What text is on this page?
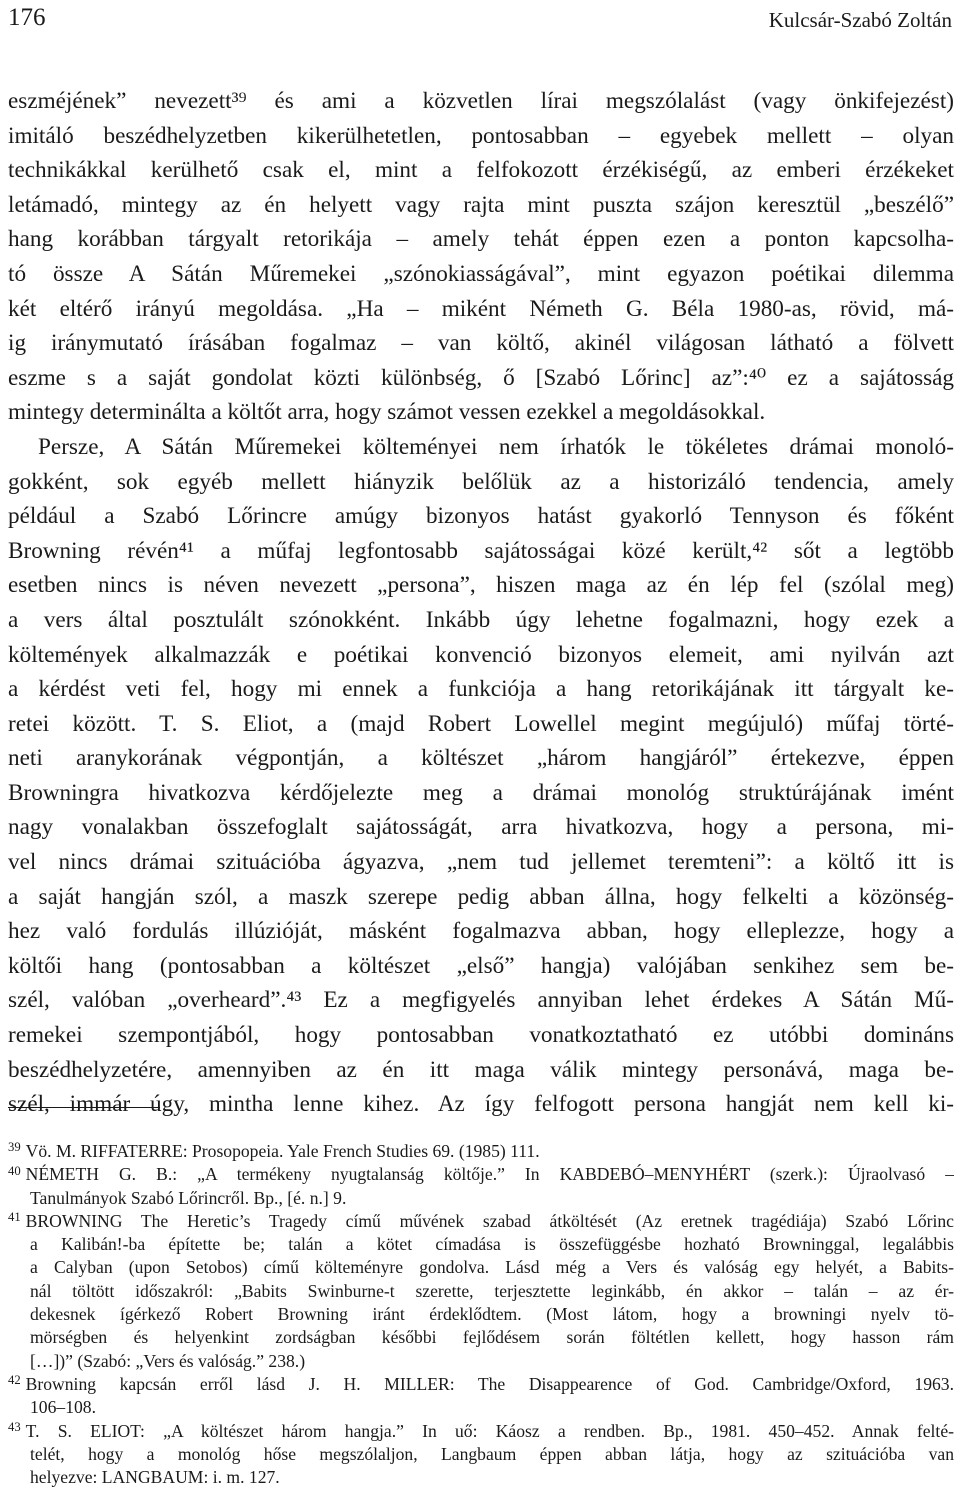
176	Kulcsár-Szabó Zoltán
eszméjének” nevezett³⁹ és ami a közvetlen lírai megszólalást (vagy önkifejezést)
imitáló beszédhelyzetben kikerülhetetlen, pontosabban – egyebek mellett – olyan
technikákkal kerülhető csak el, mint a felfokozott érzékiségű, az emberi érzékeket
letámadó, mintegy az én helyett vagy rajta mint puszta szájon keresztül „beszélő”
hang korábban tárgyalt retorikája – amely tehát éppen ezen a ponton kapcsolha-
tó össze A Sátán Műremekei „szónokiasságával”, mint egyazon poétikai dilemma
két eltérő irányú megoldása. „Ha – miként Németh G. Béla 1980-as, rövid, má-
ig iránymutató írásában fogalmaz – van költő, akinél világosan látható a fölvett
eszme s a saját gondolat közti különbség, ő [Szabó Lőrinc] az”:⁴⁰ ez a sajátosság
mintegy determinálta a költőt arra, hogy számot vessen ezekkel a megoldásokkal.
Persze, A Sátán Műremekei költeményei nem írhatók le tökéletes drámai monoló-
gokként, sok egyéb mellett hiányzik belőlük az a historizáló tendencia, amely
például a Szabó Lőrincre amúgy bizonyos hatást gyakorló Tennyson és főként
Browning révén⁴¹ a műfaj legfontosabb sajátosságai közé került,⁴² sőt a legtöbb
esetben nincs is néven nevezett „persona”, hiszen maga az én lép fel (szólal meg)
a vers által posztulált szónokként. Inkább úgy lehetne fogalmazni, hogy ezek a
költemények alkalmazzák e poétikai konvenció bizonyos elemeit, ami nyilván azt
a kérdést veti fel, hogy mi ennek a funkciója a hang retorikájának itt tárgyalt ke-
retei között. T. S. Eliot, a (majd Robert Lowellel megint megújuló) műfaj törté-
neti aranykorának végpontján, a költészet „három hangjáról” értekezve, éppen
Browningra hivatkozva kérdőjelezte meg a drámai monológ struktúrájának imént
nagy vonalakban összefoglalt sajátosságát, arra hivatkozva, hogy a persona, mi-
vel nincs drámai szituációba ágyazva, „nem tud jellemet teremteni”: a költő itt is
a saját hangján szól, a maszk szerepe pedig abban állna, hogy felkelti a közönség-
hez való fordulás illúzióját, másként fogalmazva abban, hogy elleplezze, hogy a
költői hang (pontosabban a költészet „első” hangja) valójában senkihez sem be-
szél, valóban „overheard”.⁴³ Ez a megfigyelés annyiban lehet érdekes A Sátán Mű-
remekei szempontjából, hogy pontosabban vonatkoztatható ez utóbbi domináns
beszédhelyzetére, amennyiben az én itt maga válik mintegy personává, maga be-
szél, immár úgy, mintha lenne kihez. Az így felfogott persona hangját nem kell ki-
$^{39}$ Vö. M. RIFFATERRE: Prosopopeia. Yale French Studies 69. (1985) 111.
$^{40}$ NÉMETH G. B.: „A termékeny nyugtalanság költője.” In KABDEBÓ–MENYHÉRT (szerk.): Újraolvasó –
Tanulmányok Szabó Lőrincről. Bp., [é. n.] 9.
$^{41}$ BROWNING The Heretic’s Tragedy című művének szabad átköltését (Az eretnek tragédiája) Szabó Lőrinc
a Kalibán!-ba építette be; talán a kötet címadása is összefüggésbe hozható Browninggal, legalábbis
a Calyban (upon Setobos) című költeményre gondolva. Lásd még a Vers és valóság egy helyét, a Babits-
nál töltött időszakról: „Babits Swinburne-t szerette, terjesztette leginkább, én akkor – talán – az ér-
dekesnek ígérkező Robert Browning iránt érdeklődtem. (Most látom, hogy a browningi nyelv tö-
mörségben és helyenkint zordságban későbbi fejlődésem során föltétlen kellett, hogy hasson rám
[…])” (Szabó: „Vers és valóság.” 238.)
$^{42}$ Browning kapcsán erről lásd J. H. MILLER: The Disappearence of God. Cambridge/Oxford, 1963.
106–108.
$^{43}$ T. S. ELIOT: „A költészet három hangja.” In uő: Káosz a rendben. Bp., 1981. 450–452. Annak felté-
telét, hogy a monológ hőse megszólaljon, Langbaum éppen abban látja, hogy az szituációba van
helyezve: LANGBAUM: i. m. 127.
